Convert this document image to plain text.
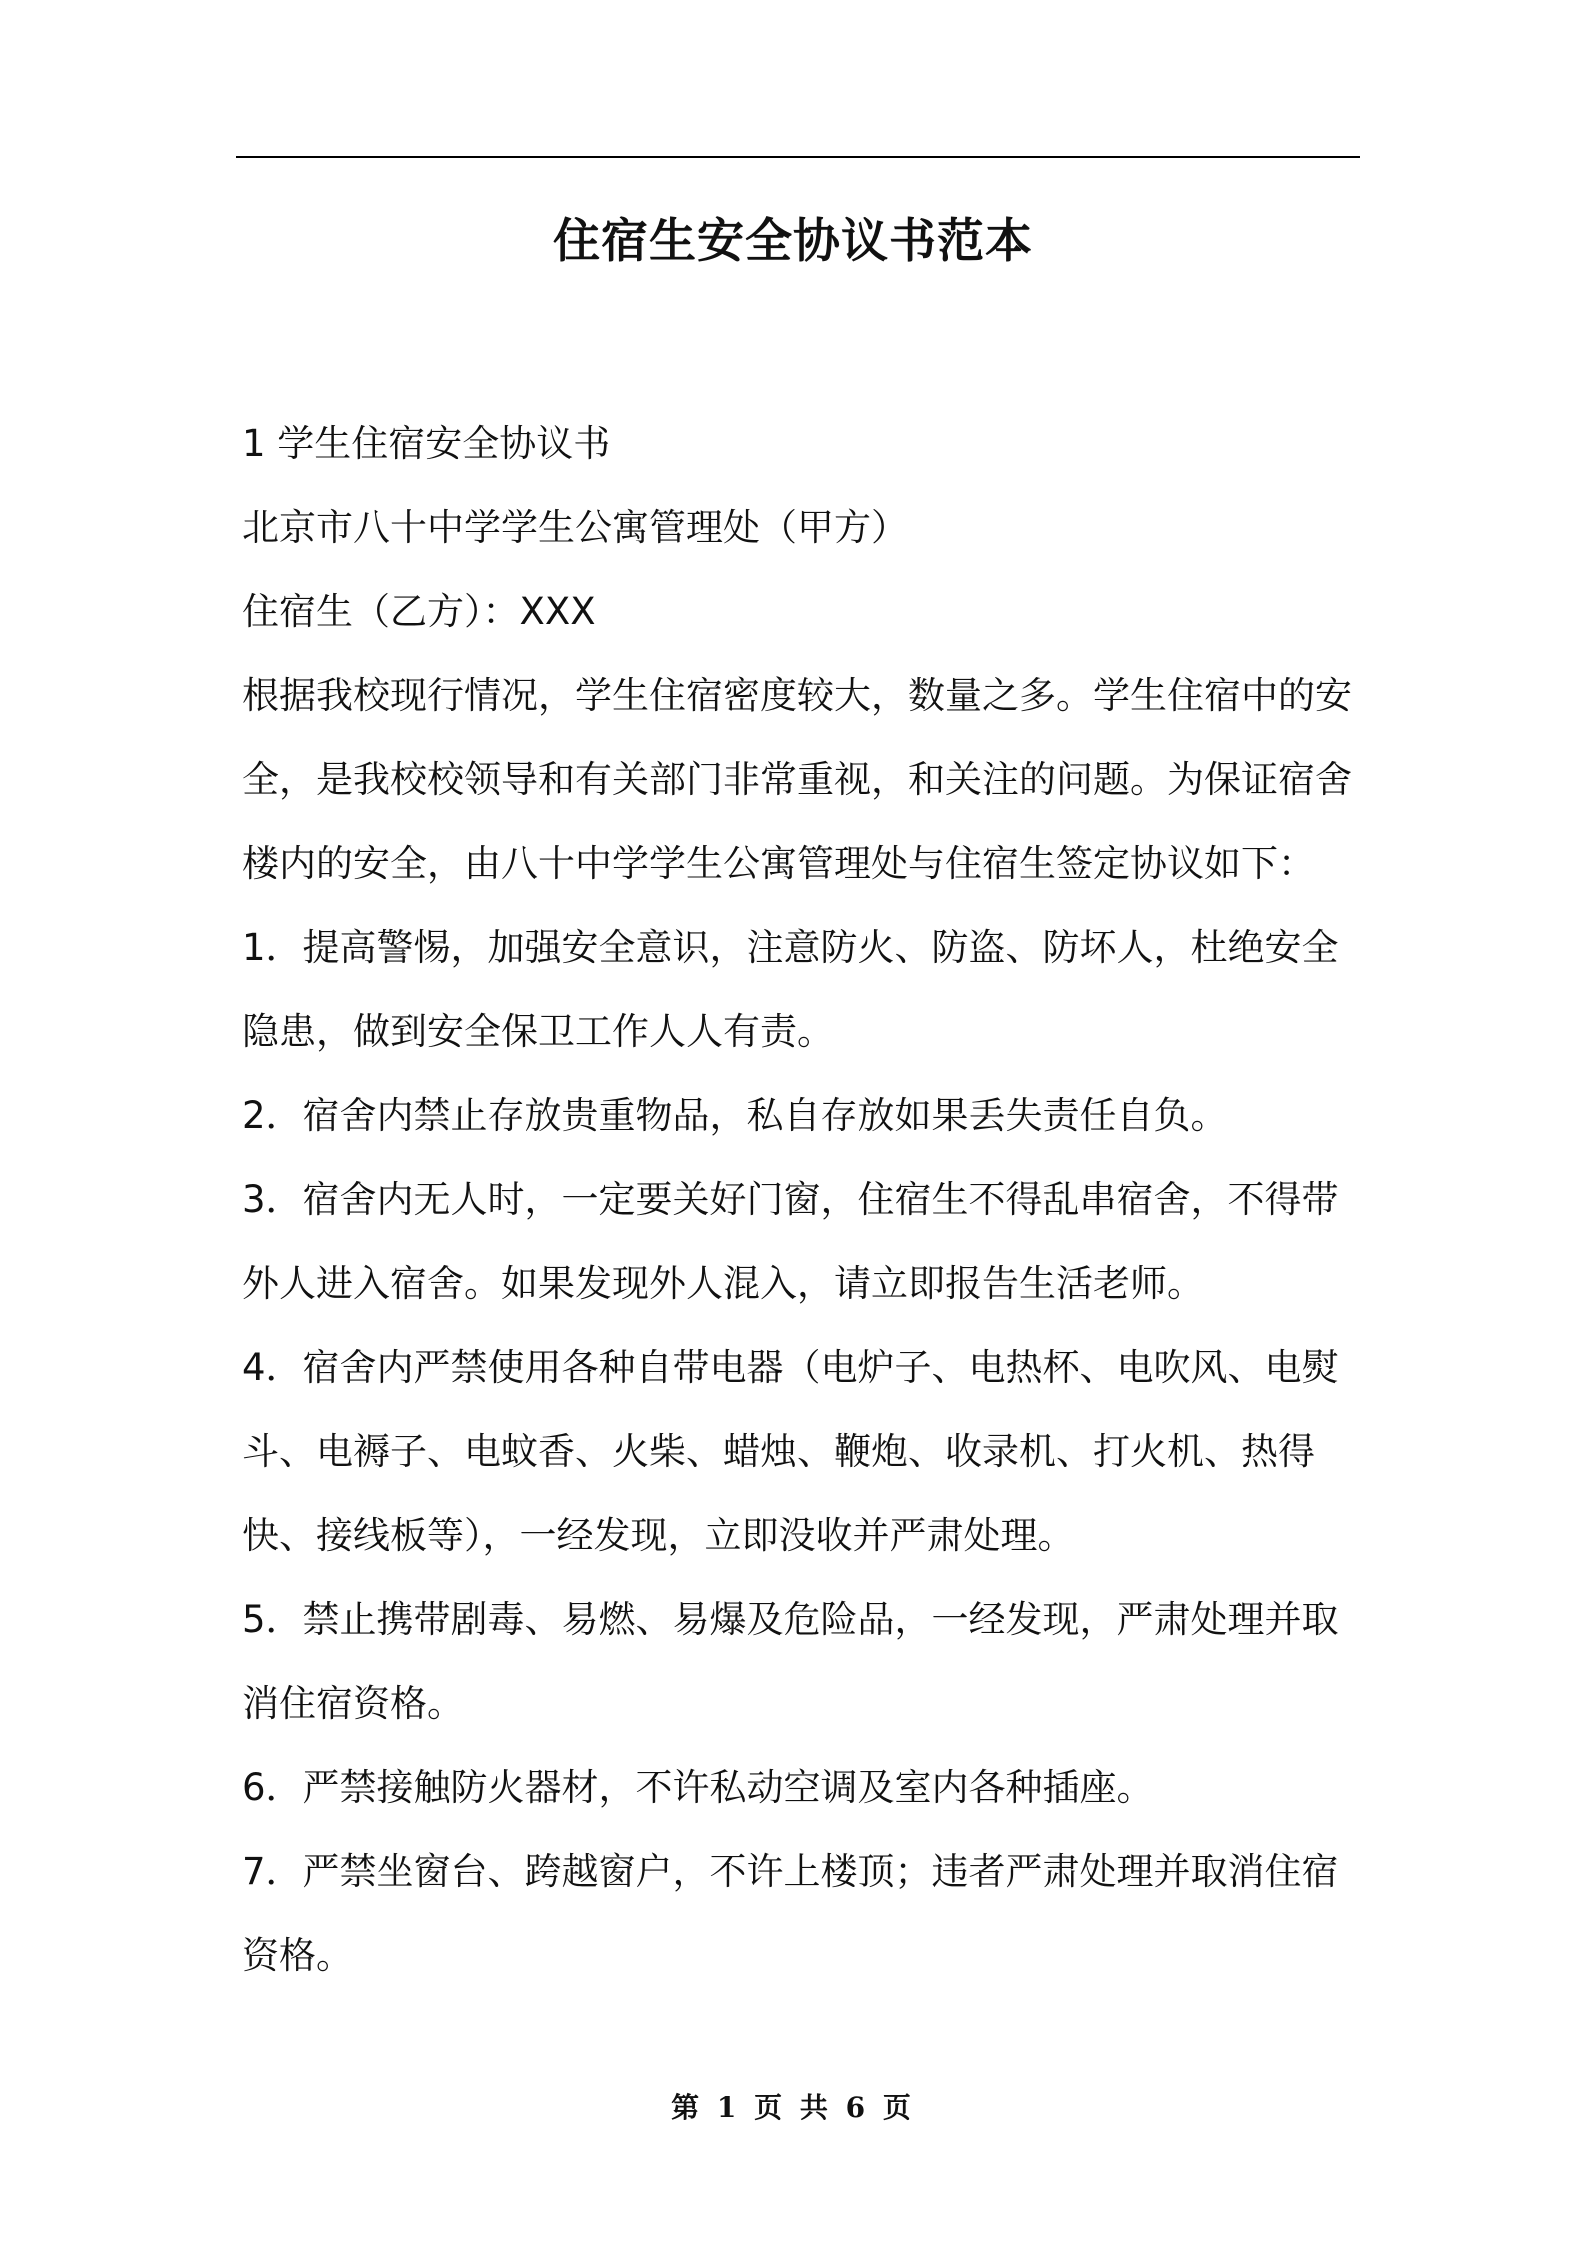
住宿生安全协议书范本

1 学生住宿安全协议书

北京市八十中学学生公寓管理处（甲方）

住宿生（乙方）：XXX

根据我校现行情况，学生住宿密度较大，数量之多。学生住宿中的安全，是我校校领导和有关部门非常重视，和关注的问题。为保证宿舍楼内的安全，由八十中学学生公寓管理处与住宿生签定协议如下：

1．提高警惕，加强安全意识，注意防火、防盗、防坏人，杜绝安全隐患，做到安全保卫工作人人有责。

2．宿舍内禁止存放贵重物品，私自存放如果丢失责任自负。

3．宿舍内无人时，一定要关好门窗，住宿生不得乱串宿舍，不得带外人进入宿舍。如果发现外人混入，请立即报告生活老师。

4．宿舍内严禁使用各种自带电器（电炉子、电热杯、电吹风、电熨斗、电褥子、电蚊香、火柴、蜡烛、鞭炮、收录机、打火机、热得快、接线板等），一经发现，立即没收并严肃处理。

5．禁止携带剧毒、易燃、易爆及危险品，一经发现，严肃处理并取消住宿资格。

6．严禁接触防火器材，不许私动空调及室内各种插座。

7．严禁坐窗台、跨越窗户，不许上楼顶；违者严肃处理并取消住宿资格。

第 1 页 共 6 页
